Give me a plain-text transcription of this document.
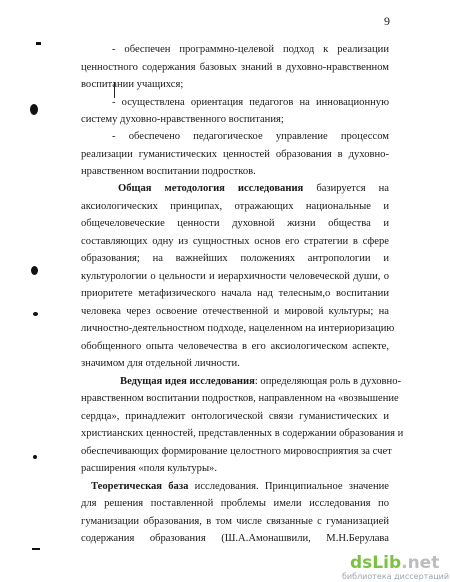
9
- обеспечен программно-целевой подход к реализации
ценностного содержания базовых знаний в духовно-нравственном
воспитании учащихся;
- осуществлена ориентация педагогов на инновационную
систему духовно-нравственного воспитания;
- обеспечено педагогическое управление процессом
реализации гуманистических ценностей образования в духовно-
нравственном воспитании подростков.
Общая методология исследования базируется на
аксиологических принципах, отражающих национальные и
общечеловеческие ценности духовной жизни общества и
составляющих одну из сущностных основ его стратегии в сфере
образования; на важнейших положениях антропологии и
культурологии о цельности и иерархичности человеческой души, о
приоритете метафизического начала над телесным,о воспитании
человека через освоение отечественной и мировой культуры; на
личностно-деятельностном подходе, нацеленном на интериоризацию
обобщенного опыта человечества в его аксиологическом аспекте,
значимом для отдельной личности.
Ведущая идея исследования: определяющая роль в духовно-
нравственном воспитании подростков, направленном на «возвышение
сердца», принадлежит онтологической связи гуманистических и
христианских ценностей, представленных в содержании образования и
обеспечивающих формирование целостного мировосприятия за счет
расширения «поля культуры».
Теоретическая база исследования. Принципиальное значение
для решения поставленной проблемы имели исследования по
гуманизации образования, в том числе связанные с гуманизацией
содержания образования (Ш.А.Амонашвили, М.Н.Берулава
dsLib.net
библиотека диссертаций
